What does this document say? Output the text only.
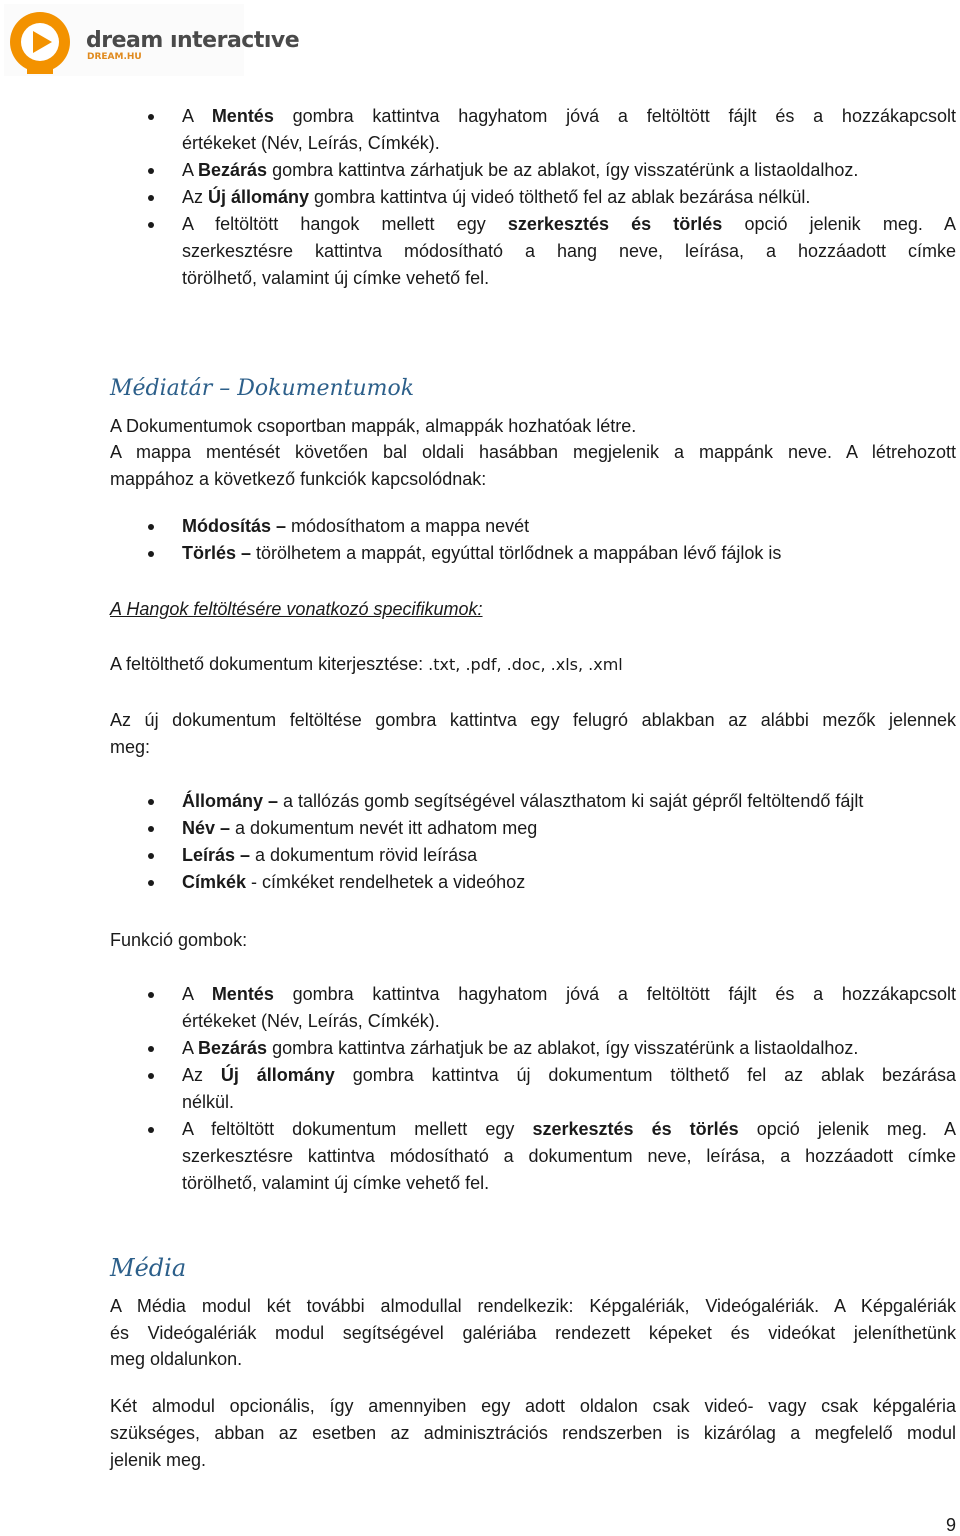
dream ınteractıve
DREAM.HU
A Mentés gombra kattintva hagyhatom jóvá a feltöltött fájlt és a hozzákapcsolt
értékeket (Név, Leírás, Címkék).
A Bezárás gombra kattintva zárhatjuk be az ablakot, így visszatérünk a listaoldalhoz.
Az Új állomány gombra kattintva új videó tölthető fel az ablak bezárása nélkül.
A feltöltött hangok mellett egy szerkesztés és törlés opció jelenik meg. A
szerkesztésre kattintva módosítható a hang neve, leírása, a hozzáadott címke
törölhető, valamint új címke vehető fel.
Médiatár – Dokumentumok

A Dokumentumok csoportban mappák, almappák hozhatóak létre.

A mappa mentését követően bal oldali hasábban megjelenik a mappánk neve. A létrehozott

mappához a következő funkciók kapcsolódnak:

Módosítás – módosíthatom a mappa nevét
Törlés – törölhetem a mappát, egyúttal törlődnek a mappában lévő fájlok is
A Hangok feltöltésére vonatkozó specifikumok:

A feltölthető dokumentum kiterjesztése: .txt, .pdf, .doc, .xls, .xml

Az új dokumentum feltöltése gombra kattintva egy felugró ablakban az alábbi mezők jelennek

meg:

Állomány – a tallózás gomb segítségével választhatom ki saját gépről feltöltendő fájlt
Név – a dokumentum nevét itt adhatom meg
Leírás – a dokumentum rövid leírása
Címkék - címkéket rendelhetek a videóhoz

Funkció gombok:

A Mentés gombra kattintva hagyhatom jóvá a feltöltött fájlt és a hozzákapcsolt
értékeket (Név, Leírás, Címkék).
A Bezárás gombra kattintva zárhatjuk be az ablakot, így visszatérünk a listaoldalhoz.
Az Új állomány gombra kattintva új dokumentum tölthető fel az ablak bezárása
nélkül.
A feltöltött dokumentum mellett egy szerkesztés és törlés opció jelenik meg. A
szerkesztésre kattintva módosítható a dokumentum neve, leírása, a hozzáadott címke
törölhető, valamint új címke vehető fel.
Média

A Média modul két további almodullal rendelkezik: Képgalériák, Videógalériák. A Képgalériák

és Videógalériák modul segítségével galériába rendezett képeket és videókat jeleníthetünk

meg oldalunkon.

Két almodul opcionális, így amennyiben egy adott oldalon csak videó- vagy csak képgaléria

szükséges, abban az esetben az adminisztrációs rendszerben is kizárólag a megfelelő modul

jelenik meg.

9
